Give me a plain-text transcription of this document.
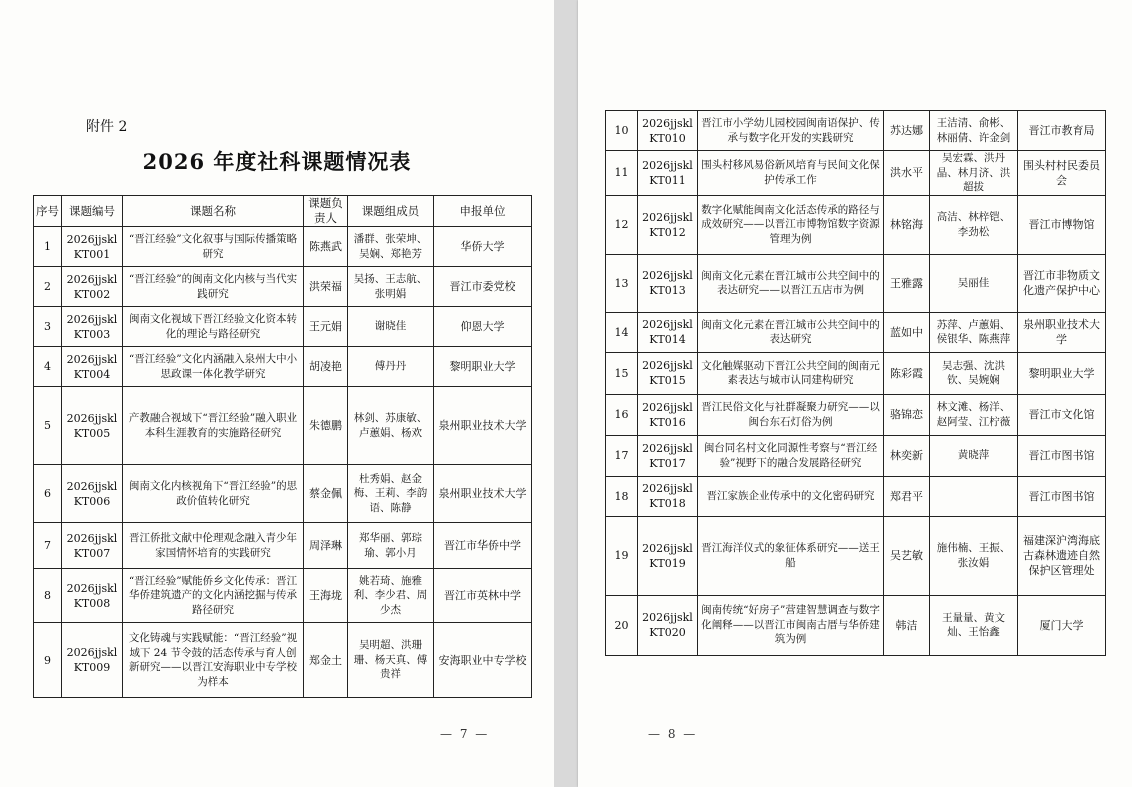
附件 2
2026 年度社科课题情况表
序号	课题编号	课题名称	课题负责人	课题组成员	申报单位
1	2026jjskl KT001	“晋江经验”文化叙事与国际传播策略研究	陈燕武	潘群、张荣坤、吴娴、郑艳芳	华侨大学
2	2026jjskl KT002	“晋江经验”的闽南文化内核与当代实践研究	洪荣福	吴扬、王志航、张明娟	晋江市委党校
3	2026jjskl KT003	闽南文化视域下晋江经验文化资本转化的理论与路径研究	王元娟	谢晓佳	仰恩大学
4	2026jjskl KT004	“晋江经验”文化内涵融入泉州大中小思政课一体化教学研究	胡凌艳	傅丹丹	黎明职业大学
5	2026jjskl KT005	产教融合视域下“晋江经验”融入职业本科生涯教育的实施路径研究	朱德鹏	林剑、苏康敏、卢蕙娟、杨欢	泉州职业技术大学
6	2026jjskl KT006	闽南文化内核视角下“晋江经验”的思政价值转化研究	蔡金佩	杜秀娟、赵金梅、王莉、李韵语、陈静	泉州职业技术大学
7	2026jjskl KT007	晋江侨批文献中伦理观念融入青少年家国情怀培育的实践研究	周泽琳	郑华丽、郭琮瑜、郭小月	晋江市华侨中学
8	2026jjskl KT008	“晋江经验”赋能侨乡文化传承：晋江华侨建筑遗产的文化内涵挖掘与传承路径研究	王海垅	姚若琦、施雅利、李少君、周少杰	晋江市英林中学
9	2026jjskl KT009	文化铸魂与实践赋能：“晋江经验”视域下 24 节令鼓的活态传承与育人创新研究——以晋江安海职业中专学校为样本	郑金土	吴明超、洪珊珊、杨天真、傅贵祥	安海职业中专学校
— 7 —
10	2026jjskl KT010	晋江市小学幼儿园校园闽南语保护、传承与数字化开发的实践研究	苏达娜	王洁清、俞彬、林丽倩、许金剑	晋江市教育局
11	2026jjskl KT011	围头村移风易俗新风培育与民间文化保护传承工作	洪水平	吴宏霖、洪丹晶、林月济、洪超拔	围头村村民委员会
12	2026jjskl KT012	数字化赋能闽南文化活态传承的路径与成效研究——以晋江市博物馆数字资源管理为例	林铭海	高洁、林梓铠、李劲松	晋江市博物馆
13	2026jjskl KT013	闽南文化元素在晋江城市公共空间中的表达研究——以晋江五店市为例	王雅露	吴丽佳	晋江市非物质文化遗产保护中心
14	2026jjskl KT014	闽南文化元素在晋江城市公共空间中的表达研究	蓝如中	苏萍、卢蕙娟、侯银华、陈燕萍	泉州职业技术大学
15	2026jjskl KT015	文化触媒驱动下晋江公共空间的闽南元素表达与城市认同建构研究	陈彩霞	吴志强、沈洪钦、吴婉娴	黎明职业大学
16	2026jjskl KT016	晋江民俗文化与社群凝聚力研究——以闽台东石灯俗为例	骆锦恋	林文滩、杨洋、赵阿莹、江柠薇	晋江市文化馆
17	2026jjskl KT017	闽台同名村文化同源性考察与“晋江经验”视野下的融合发展路径研究	林奕新	黄晓萍	晋江市图书馆
18	2026jjskl KT018	晋江家族企业传承中的文化密码研究	郑君平		晋江市图书馆
19	2026jjskl KT019	晋江海洋仪式的象征体系研究——送王船	吴艺敏	施伟楠、王振、张汝娟	福建深沪湾海底古森林遗迹自然保护区管理处
20	2026jjskl KT020	闽南传统“好房子”营建智慧调查与数字化阐释——以晋江市闽南古厝与华侨建筑为例	韩洁	王量量、黄文灿、王怡鑫	厦门大学
— 8 —
